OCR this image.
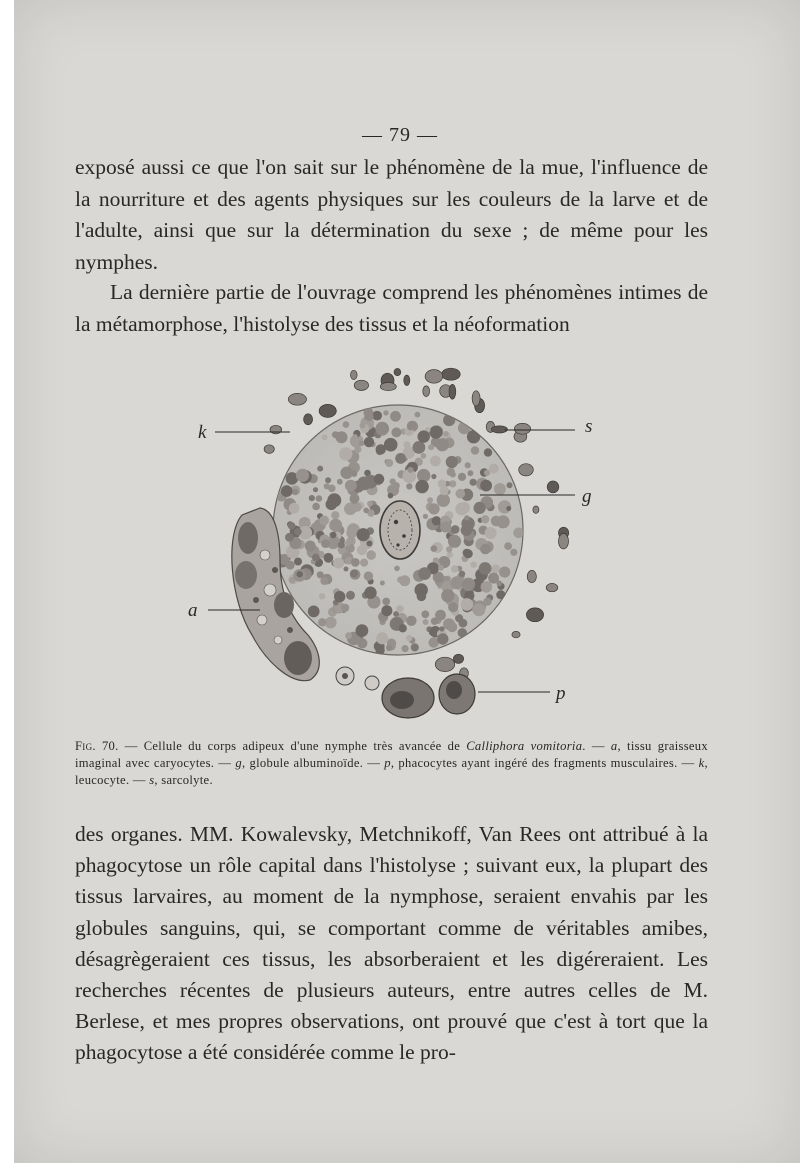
— 79 —

exposé aussi ce que l'on sait sur le phénomène de la mue, l'influence de la nourriture et des agents physiques sur les couleurs de la larve et de l'adulte, ainsi que sur la détermination du sexe ; de même pour les nymphes.

La dernière partie de l'ouvrage comprend les phénomènes intimes de la métamorphose, l'histolyse des tissus et la néoformation

k	s
g
a
p

Fig. 70. — Cellule du corps adipeux d'une nymphe très avancée de Calliphora vomitoria. — a, tissu graisseux imaginal avec caryocytes. — g, globule albuminoïde. — p, phacocytes ayant ingéré des fragments musculaires. — k, leucocyte. — s, sarcolyte.

des organes. MM. Kowalevsky, Metchnikoff, Van Rees ont attribué à la phagocytose un rôle capital dans l'histolyse ; suivant eux, la plupart des tissus larvaires, au moment de la nymphose, seraient envahis par les globules sanguins, qui, se comportant comme de véritables amibes, désagrègeraient ces tissus, les absorberaient et les digéreraient. Les recherches récentes de plusieurs auteurs, entre autres celles de M. Berlese, et mes propres observations, ont prouvé que c'est à tort que la phagocytose a été considérée comme le pro-
